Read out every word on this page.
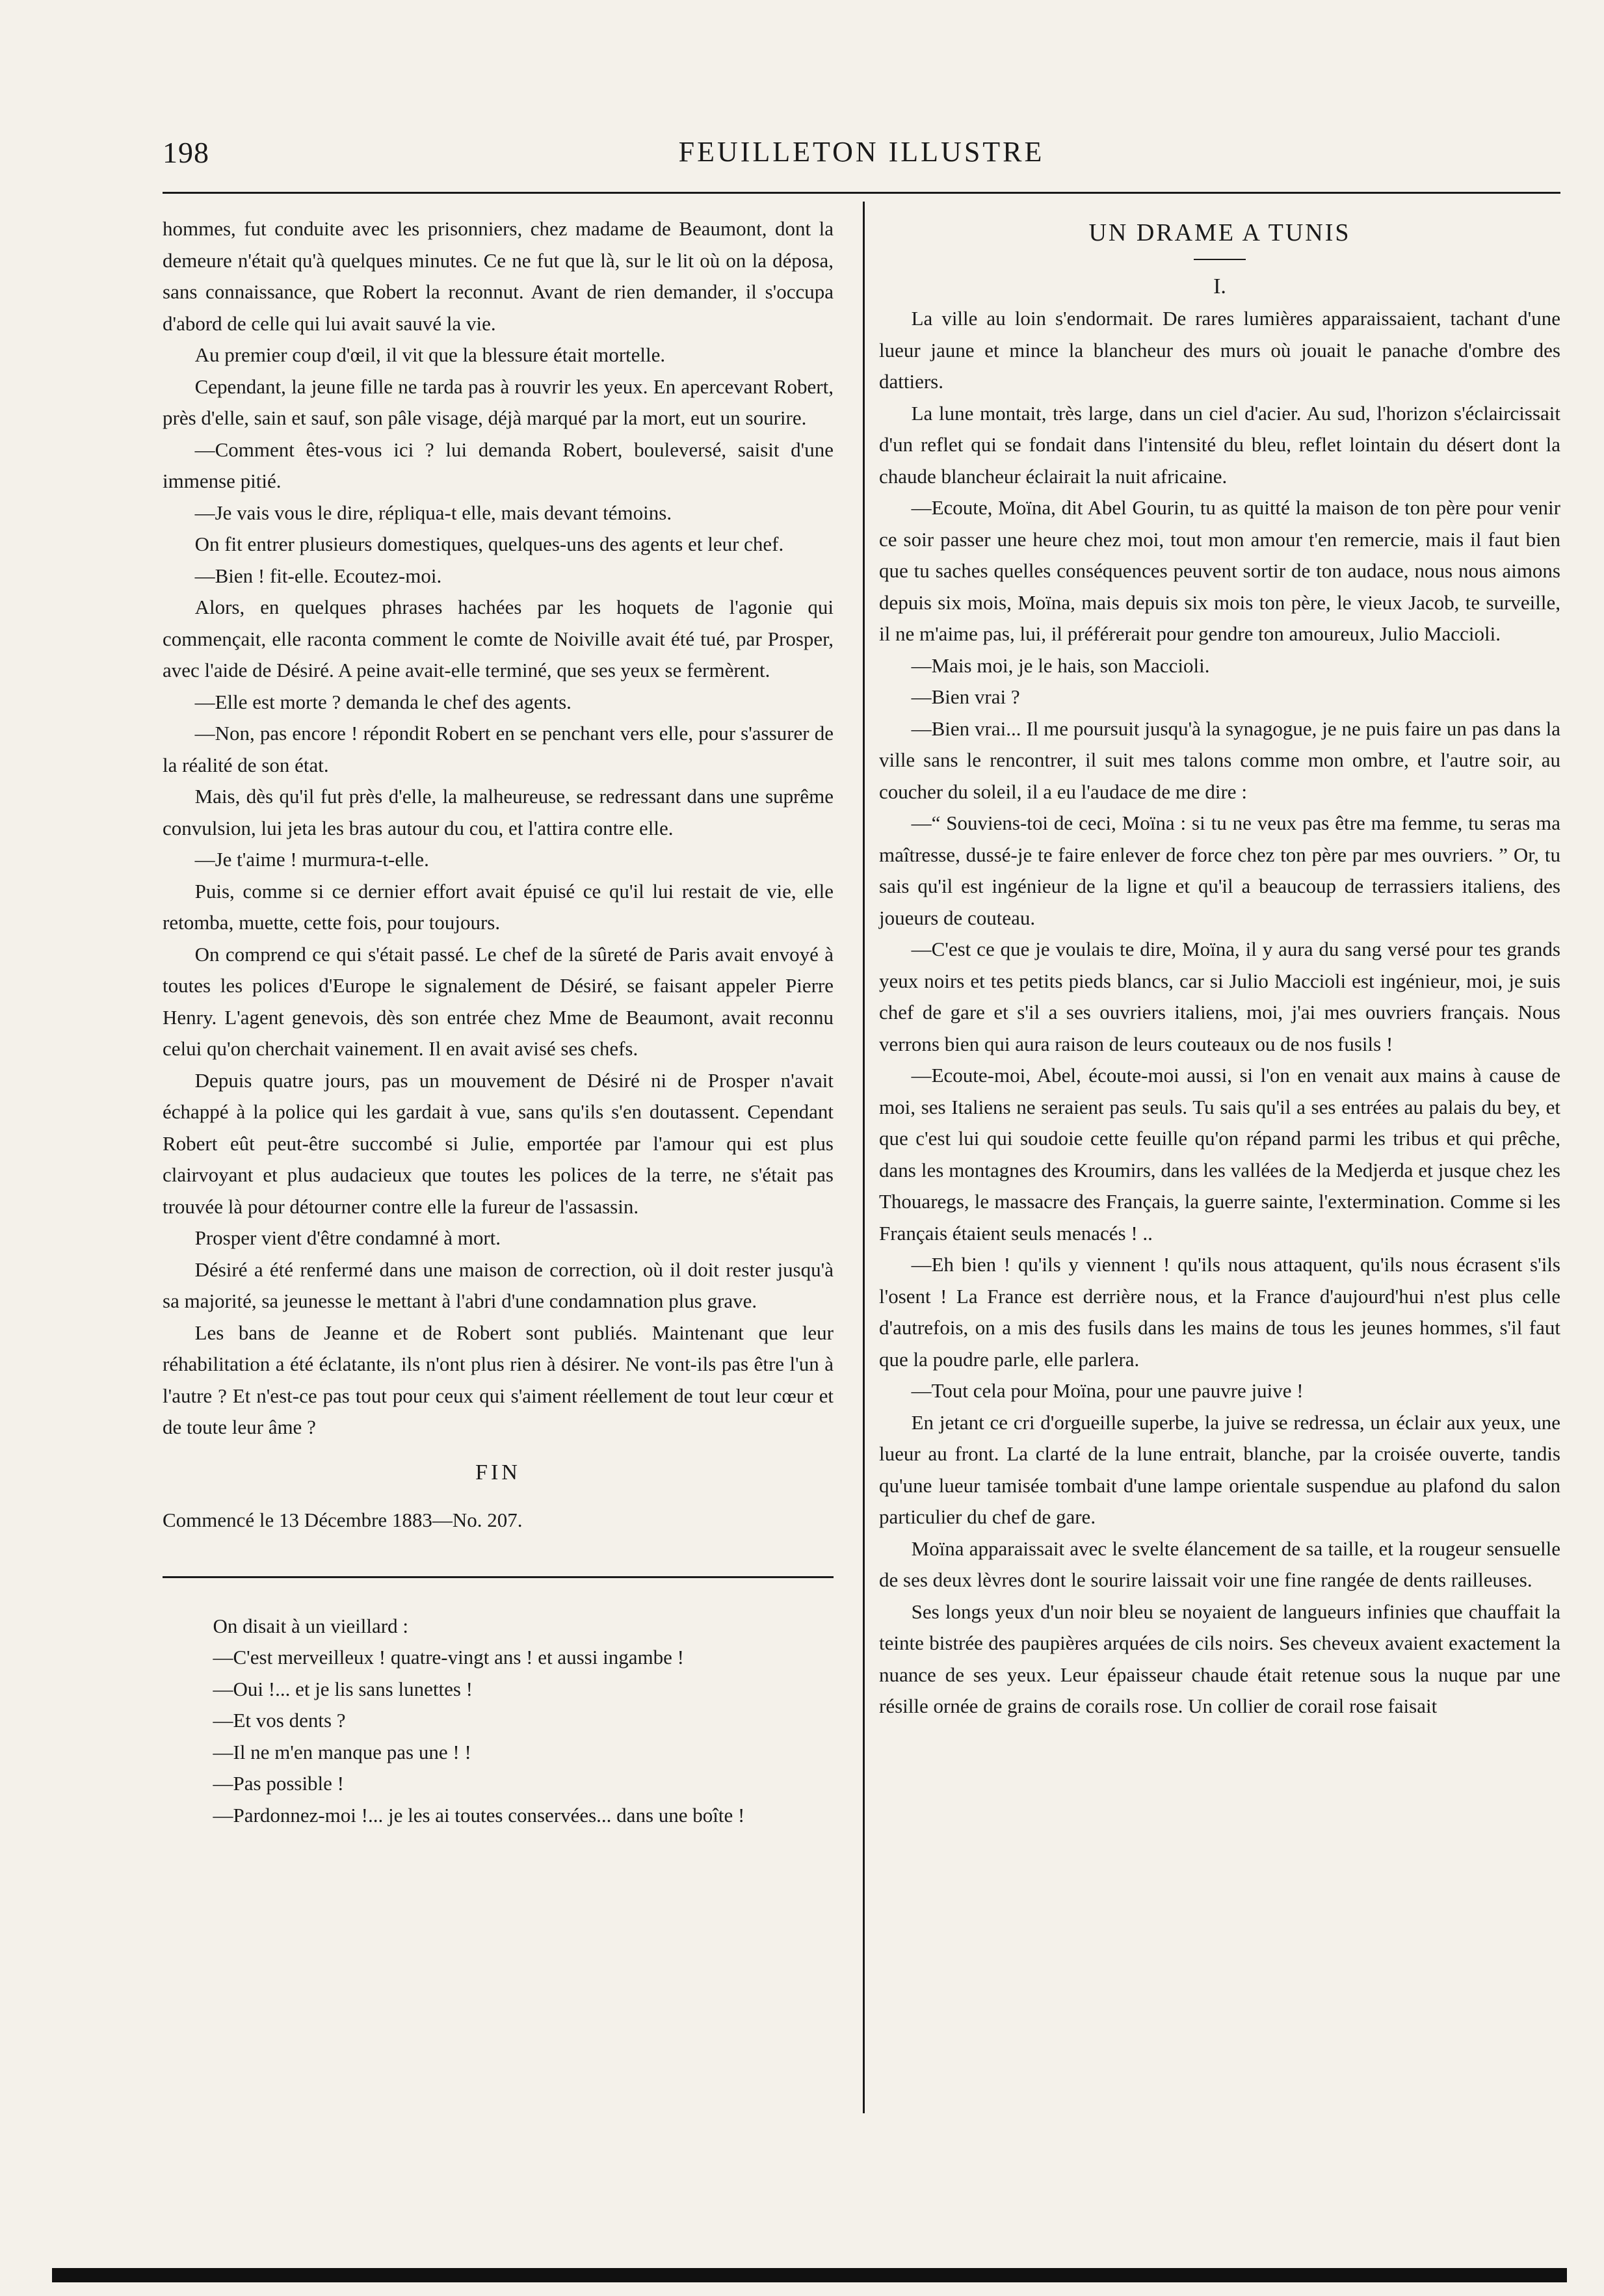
198	FEUILLETON ILLUSTRE

hommes, fut conduite avec les prisonniers, chez madame de Beaumont, dont la demeure n'était qu'à quelques minutes. Ce ne fut que là, sur le lit où on la déposa, sans connaissance, que Robert la reconnut. Avant de rien demander, il s'occupa d'abord de celle qui lui avait sauvé la vie.

Au premier coup d'œil, il vit que la blessure était mortelle.

Cependant, la jeune fille ne tarda pas à rouvrir les yeux. En apercevant Robert, près d'elle, sain et sauf, son pâle visage, déjà marqué par la mort, eut un sourire.

—Comment êtes-vous ici ? lui demanda Robert, bouleversé, saisit d'une immense pitié.

—Je vais vous le dire, répliqua-t elle, mais devant témoins.

On fit entrer plusieurs domestiques, quelques-uns des agents et leur chef.

—Bien ! fit-elle. Ecoutez-moi.

Alors, en quelques phrases hachées par les hoquets de l'agonie qui commençait, elle raconta comment le comte de Noiville avait été tué, par Prosper, avec l'aide de Désiré. A peine avait-elle terminé, que ses yeux se fermèrent.

—Elle est morte ? demanda le chef des agents.

—Non, pas encore ! répondit Robert en se penchant vers elle, pour s'assurer de la réalité de son état.

Mais, dès qu'il fut près d'elle, la malheureuse, se redressant dans une suprême convulsion, lui jeta les bras autour du cou, et l'attira contre elle.

—Je t'aime ! murmura-t-elle.

Puis, comme si ce dernier effort avait épuisé ce qu'il lui restait de vie, elle retomba, muette, cette fois, pour toujours.

On comprend ce qui s'était passé. Le chef de la sûreté de Paris avait envoyé à toutes les polices d'Europe le signalement de Désiré, se faisant appeler Pierre Henry. L'agent genevois, dès son entrée chez Mme de Beaumont, avait reconnu celui qu'on cherchait vainement. Il en avait avisé ses chefs.

Depuis quatre jours, pas un mouvement de Désiré ni de Prosper n'avait échappé à la police qui les gardait à vue, sans qu'ils s'en doutassent. Cependant Robert eût peut-être succombé si Julie, emportée par l'amour qui est plus clairvoyant et plus audacieux que toutes les polices de la terre, ne s'était pas trouvée là pour détourner contre elle la fureur de l'assassin.

Prosper vient d'être condamné à mort.

Désiré a été renfermé dans une maison de correction, où il doit rester jusqu'à sa majorité, sa jeunesse le mettant à l'abri d'une condamnation plus grave.

Les bans de Jeanne et de Robert sont publiés. Maintenant que leur réhabilitation a été éclatante, ils n'ont plus rien à désirer. Ne vont-ils pas être l'un à l'autre ? Et n'est-ce pas tout pour ceux qui s'aiment réellement de tout leur cœur et de toute leur âme ?

FIN

Commencé le 13 Décembre 1883—No. 207.

On disait à un vieillard :

—C'est merveilleux ! quatre-vingt ans ! et aussi ingambe !

—Oui !... et je lis sans lunettes !

—Et vos dents ?

—Il ne m'en manque pas une ! !

—Pas possible !

—Pardonnez-moi !... je les ai toutes conservées... dans une boîte !

UN DRAME A TUNIS
I.

La ville au loin s'endormait. De rares lumières apparaissaient, tachant d'une lueur jaune et mince la blancheur des murs où jouait le panache d'ombre des dattiers.

La lune montait, très large, dans un ciel d'acier. Au sud, l'horizon s'éclaircissait d'un reflet qui se fondait dans l'intensité du bleu, reflet lointain du désert dont la chaude blancheur éclairait la nuit africaine.

—Ecoute, Moïna, dit Abel Gourin, tu as quitté la maison de ton père pour venir ce soir passer une heure chez moi, tout mon amour t'en remercie, mais il faut bien que tu saches quelles conséquences peuvent sortir de ton audace, nous nous aimons depuis six mois, Moïna, mais depuis six mois ton père, le vieux Jacob, te surveille, il ne m'aime pas, lui, il préférerait pour gendre ton amoureux, Julio Maccioli.

—Mais moi, je le hais, son Maccioli.

—Bien vrai ?

—Bien vrai... Il me poursuit jusqu'à la synagogue, je ne puis faire un pas dans la ville sans le rencontrer, il suit mes talons comme mon ombre, et l'autre soir, au coucher du soleil, il a eu l'audace de me dire :

—“ Souviens-toi de ceci, Moïna : si tu ne veux pas être ma femme, tu seras ma maîtresse, dussé-je te faire enlever de force chez ton père par mes ouvriers. ” Or, tu sais qu'il est ingénieur de la ligne et qu'il a beaucoup de terrassiers italiens, des joueurs de couteau.

—C'est ce que je voulais te dire, Moïna, il y aura du sang versé pour tes grands yeux noirs et tes petits pieds blancs, car si Julio Maccioli est ingénieur, moi, je suis chef de gare et s'il a ses ouvriers italiens, moi, j'ai mes ouvriers français. Nous verrons bien qui aura raison de leurs couteaux ou de nos fusils !

—Ecoute-moi, Abel, écoute-moi aussi, si l'on en venait aux mains à cause de moi, ses Italiens ne seraient pas seuls. Tu sais qu'il a ses entrées au palais du bey, et que c'est lui qui soudoie cette feuille qu'on répand parmi les tribus et qui prêche, dans les montagnes des Kroumirs, dans les vallées de la Medjerda et jusque chez les Thouaregs, le massacre des Français, la guerre sainte, l'extermination. Comme si les Français étaient seuls menacés ! ..

—Eh bien ! qu'ils y viennent ! qu'ils nous attaquent, qu'ils nous écrasent s'ils l'osent ! La France est derrière nous, et la France d'aujourd'hui n'est plus celle d'autrefois, on a mis des fusils dans les mains de tous les jeunes hommes, s'il faut que la poudre parle, elle parlera.

—Tout cela pour Moïna, pour une pauvre juive !

En jetant ce cri d'orgueille superbe, la juive se redressa, un éclair aux yeux, une lueur au front. La clarté de la lune entrait, blanche, par la croisée ouverte, tandis qu'une lueur tamisée tombait d'une lampe orientale suspendue au plafond du salon particulier du chef de gare.

Moïna apparaissait avec le svelte élancement de sa taille, et la rougeur sensuelle de ses deux lèvres dont le sourire laissait voir une fine rangée de dents railleuses.

Ses longs yeux d'un noir bleu se noyaient de langueurs infinies que chauffait la teinte bistrée des paupières arquées de cils noirs. Ses cheveux avaient exactement la nuance de ses yeux. Leur épaisseur chaude était retenue sous la nuque par une résille ornée de grains de corails rose. Un collier de corail rose faisait
